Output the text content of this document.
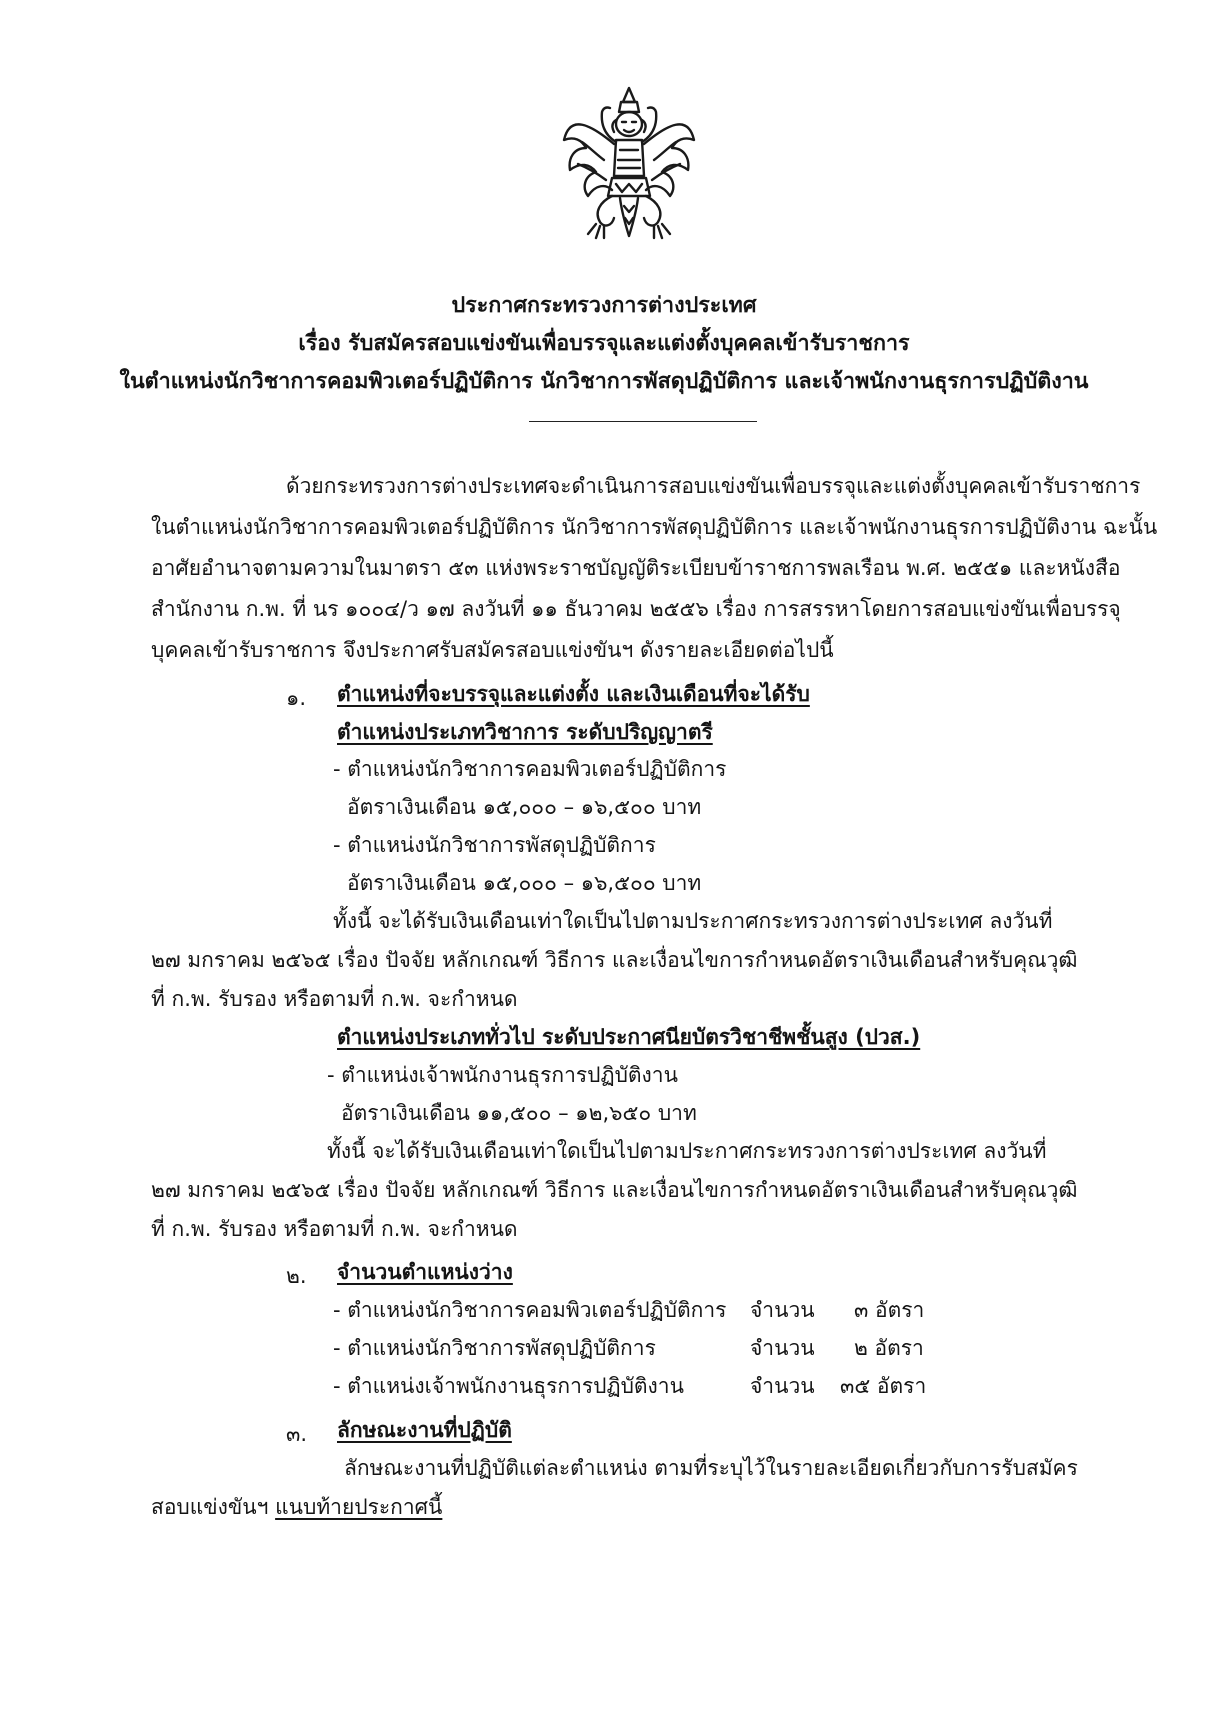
ประกาศกระทรวงการต่างประเทศ
เรื่อง รับสมัครสอบแข่งขันเพื่อบรรจุและแต่งตั้งบุคคลเข้ารับราชการ
ในตำแหน่งนักวิชาการคอมพิวเตอร์ปฏิบัติการ นักวิชาการพัสดุปฏิบัติการ และเจ้าพนักงานธุรการปฏิบัติงาน
ด้วยกระทรวงการต่างประเทศจะดำเนินการสอบแข่งขันเพื่อบรรจุและแต่งตั้งบุคคลเข้ารับราชการ
ในตำแหน่งนักวิชาการคอมพิวเตอร์ปฏิบัติการ นักวิชาการพัสดุปฏิบัติการ และเจ้าพนักงานธุรการปฏิบัติงาน ฉะนั้น
อาศัยอำนาจตามความในมาตรา ๕๓ แห่งพระราชบัญญัติระเบียบข้าราชการพลเรือน พ.ศ. ๒๕๕๑ และหนังสือ
สำนักงาน ก.พ. ที่ นร ๑๐๐๔/ว ๑๗ ลงวันที่ ๑๑ ธันวาคม ๒๕๕๖ เรื่อง การสรรหาโดยการสอบแข่งขันเพื่อบรรจุ
บุคคลเข้ารับราชการ จึงประกาศรับสมัครสอบแข่งขันฯ ดังรายละเอียดต่อไปนี้
๑. ตำแหน่งที่จะบรรจุและแต่งตั้ง และเงินเดือนที่จะได้รับ
ตำแหน่งประเภทวิชาการ ระดับปริญญาตรี
- ตำแหน่งนักวิชาการคอมพิวเตอร์ปฏิบัติการ
อัตราเงินเดือน ๑๕,๐๐๐ – ๑๖,๕๐๐ บาท
- ตำแหน่งนักวิชาการพัสดุปฏิบัติการ
อัตราเงินเดือน ๑๕,๐๐๐ – ๑๖,๕๐๐ บาท
ทั้งนี้ จะได้รับเงินเดือนเท่าใดเป็นไปตามประกาศกระทรวงการต่างประเทศ ลงวันที่
๒๗ มกราคม ๒๕๖๕ เรื่อง ปัจจัย หลักเกณฑ์ วิธีการ และเงื่อนไขการกำหนดอัตราเงินเดือนสำหรับคุณวุฒิ
ที่ ก.พ. รับรอง หรือตามที่ ก.พ. จะกำหนด
ตำแหน่งประเภททั่วไป ระดับประกาศนียบัตรวิชาชีพชั้นสูง (ปวส.)
- ตำแหน่งเจ้าพนักงานธุรการปฏิบัติงาน
อัตราเงินเดือน ๑๑,๕๐๐ – ๑๒,๖๕๐ บาท
ทั้งนี้ จะได้รับเงินเดือนเท่าใดเป็นไปตามประกาศกระทรวงการต่างประเทศ ลงวันที่
๒๗ มกราคม ๒๕๖๕ เรื่อง ปัจจัย หลักเกณฑ์ วิธีการ และเงื่อนไขการกำหนดอัตราเงินเดือนสำหรับคุณวุฒิ
ที่ ก.พ. รับรอง หรือตามที่ ก.พ. จะกำหนด
๒. จำนวนตำแหน่งว่าง
- ตำแหน่งนักวิชาการคอมพิวเตอร์ปฏิบัติการ จำนวน ๓ อัตรา
- ตำแหน่งนักวิชาการพัสดุปฏิบัติการ	จำนวน ๒ อัตรา
- ตำแหน่งเจ้าพนักงานธุรการปฏิบัติงาน	จำนวน ๓๕ อัตรา
๓. ลักษณะงานที่ปฏิบัติ
ลักษณะงานที่ปฏิบัติแต่ละตำแหน่ง ตามที่ระบุไว้ในรายละเอียดเกี่ยวกับการรับสมัคร
สอบแข่งขันฯ แนบท้ายประกาศนี้
